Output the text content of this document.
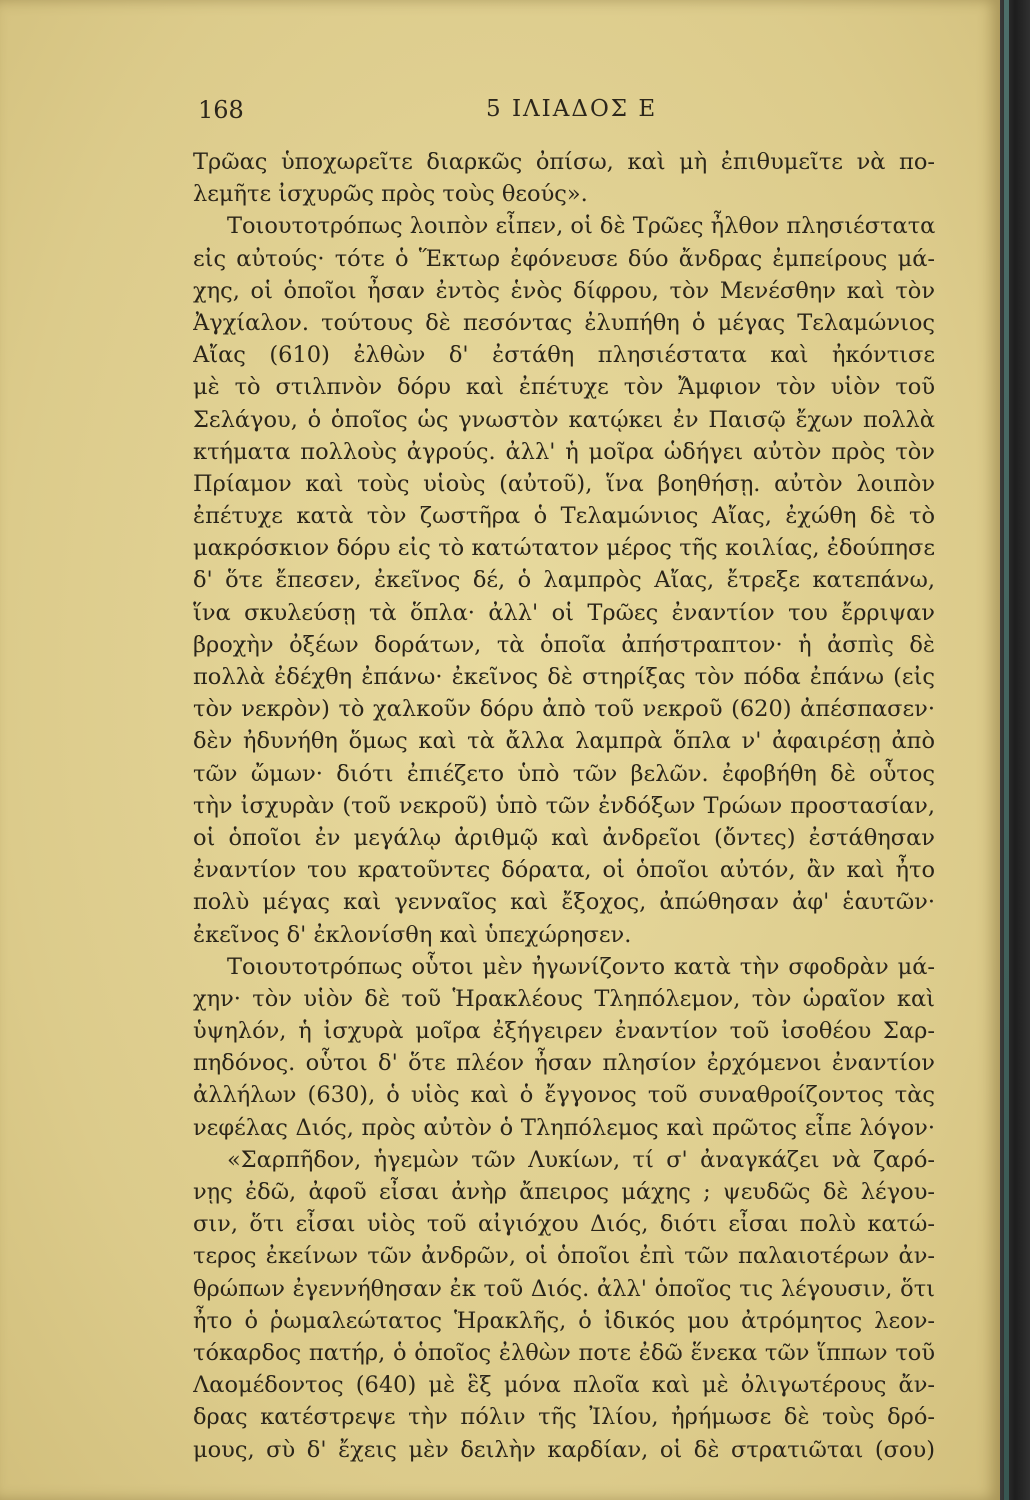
168	5 ΙΛΙΑΔΟΣ Ε
Τρῶας ὑποχωρεῖτε διαρκῶς ὀπίσω, καὶ μὴ ἐπιθυμεῖτε νὰ πο-
λεμῆτε ἰσχυρῶς πρὸς τοὺς θεούς».
Τοιουτοτρόπως λοιπὸν εἶπεν, οἱ δὲ Τρῶες ἦλθον πλησιέστατα
εἰς αὐτούς· τότε ὁ Ἕκτωρ ἐφόνευσε δύο ἄνδρας ἐμπείρους μά-
χης, οἱ ὁποῖοι ἦσαν ἐντὸς ἑνὸς δίφρου, τὸν Μενέσθην καὶ τὸν
Ἀγχίαλον. τούτους δὲ πεσόντας ἐλυπήθη ὁ μέγας Τελαμώνιος
Αἴας (610) ἐλθὼν δ' ἐστάθη πλησιέστατα καὶ ἠκόντισε
μὲ τὸ στιλπνὸν δόρυ καὶ ἐπέτυχε τὸν Ἄμφιον τὸν υἱὸν τοῦ
Σελάγου, ὁ ὁποῖος ὡς γνωστὸν κατῴκει ἐν Παισῷ ἔχων πολλὰ
κτήματα πολλοὺς ἀγρούς. ἀλλ' ἡ μοῖρα ὡδήγει αὐτὸν πρὸς τὸν
Πρίαμον καὶ τοὺς υἱοὺς (αὐτοῦ), ἵνα βοηθήσῃ. αὐτὸν λοιπὸν
ἐπέτυχε κατὰ τὸν ζωστῆρα ὁ Τελαμώνιος Αἴας, ἐχώθη δὲ τὸ
μακρόσκιον δόρυ εἰς τὸ κατώτατον μέρος τῆς κοιλίας, ἐδούπησε
δ' ὅτε ἔπεσεν, ἐκεῖνος δέ, ὁ λαμπρὸς Αἴας, ἔτρεξε κατεπάνω,
ἵνα σκυλεύσῃ τὰ ὅπλα· ἀλλ' οἱ Τρῶες ἐναντίον του ἔρριψαν
βροχὴν ὀξέων δοράτων, τὰ ὁποῖα ἀπήστραπτον· ἡ ἀσπὶς δὲ
πολλὰ ἐδέχθη ἐπάνω· ἐκεῖνος δὲ στηρίξας τὸν πόδα ἐπάνω (εἰς
τὸν νεκρὸν) τὸ χαλκοῦν δόρυ ἀπὸ τοῦ νεκροῦ (620) ἀπέσπασεν·
δὲν ἠδυνήθη ὅμως καὶ τὰ ἄλλα λαμπρὰ ὅπλα ν' ἀφαιρέσῃ ἀπὸ
τῶν ὤμων· διότι ἐπιέζετο ὑπὸ τῶν βελῶν. ἐφοβήθη δὲ οὗτος
τὴν ἰσχυρὰν (τοῦ νεκροῦ) ὑπὸ τῶν ἐνδόξων Τρώων προστασίαν,
οἱ ὁποῖοι ἐν μεγάλῳ ἀριθμῷ καὶ ἀνδρεῖοι (ὄντες) ἐστάθησαν
ἐναντίον του κρατοῦντες δόρατα, οἱ ὁποῖοι αὐτόν, ἂν καὶ ἦτο
πολὺ μέγας καὶ γενναῖος καὶ ἔξοχος, ἀπώθησαν ἀφ' ἑαυτῶν·
ἐκεῖνος δ' ἐκλονίσθη καὶ ὑπεχώρησεν.
Τοιουτοτρόπως οὗτοι μὲν ἠγωνίζοντο κατὰ τὴν σφοδρὰν μά-
χην· τὸν υἱὸν δὲ τοῦ Ἡρακλέους Τληπόλεμον, τὸν ὡραῖον καὶ
ὑψηλόν, ἡ ἰσχυρὰ μοῖρα ἐξήγειρεν ἐναντίον τοῦ ἰσοθέου Σαρ-
πηδόνος. οὗτοι δ' ὅτε πλέον ἦσαν πλησίον ἐρχόμενοι ἐναντίον
ἀλλήλων (630), ὁ υἱὸς καὶ ὁ ἔγγονος τοῦ συναθροίζοντος τὰς
νεφέλας Διός, πρὸς αὐτὸν ὁ Τληπόλεμος καὶ πρῶτος εἶπε λόγον·
«Σαρπῆδον, ἡγεμὼν τῶν Λυκίων, τί σ' ἀναγκάζει νὰ ζαρό-
νῃς ἐδῶ, ἀφοῦ εἶσαι ἀνὴρ ἄπειρος μάχης ; ψευδῶς δὲ λέγου-
σιν, ὅτι εἶσαι υἱὸς τοῦ αἰγιόχου Διός, διότι εἶσαι πολὺ κατώ-
τερος ἐκείνων τῶν ἀνδρῶν, οἱ ὁποῖοι ἐπὶ τῶν παλαιοτέρων ἀν-
θρώπων ἐγεννήθησαν ἐκ τοῦ Διός. ἀλλ' ὁποῖος τις λέγουσιν, ὅτι
ἦτο ὁ ῥωμαλεώτατος Ἡρακλῆς, ὁ ἰδικός μου ἀτρόμητος λεον-
τόκαρδος πατήρ, ὁ ὁποῖος ἐλθὼν ποτε ἐδῶ ἕνεκα τῶν ἵππων τοῦ
Λαομέδοντος (640) μὲ ἓξ μόνα πλοῖα καὶ μὲ ὀλιγωτέρους ἄν-
δρας κατέστρεψε τὴν πόλιν τῆς Ἰλίου, ἠρήμωσε δὲ τοὺς δρό-
μους, σὺ δ' ἔχεις μὲν δειλὴν καρδίαν, οἱ δὲ στρατιῶται (σου)
